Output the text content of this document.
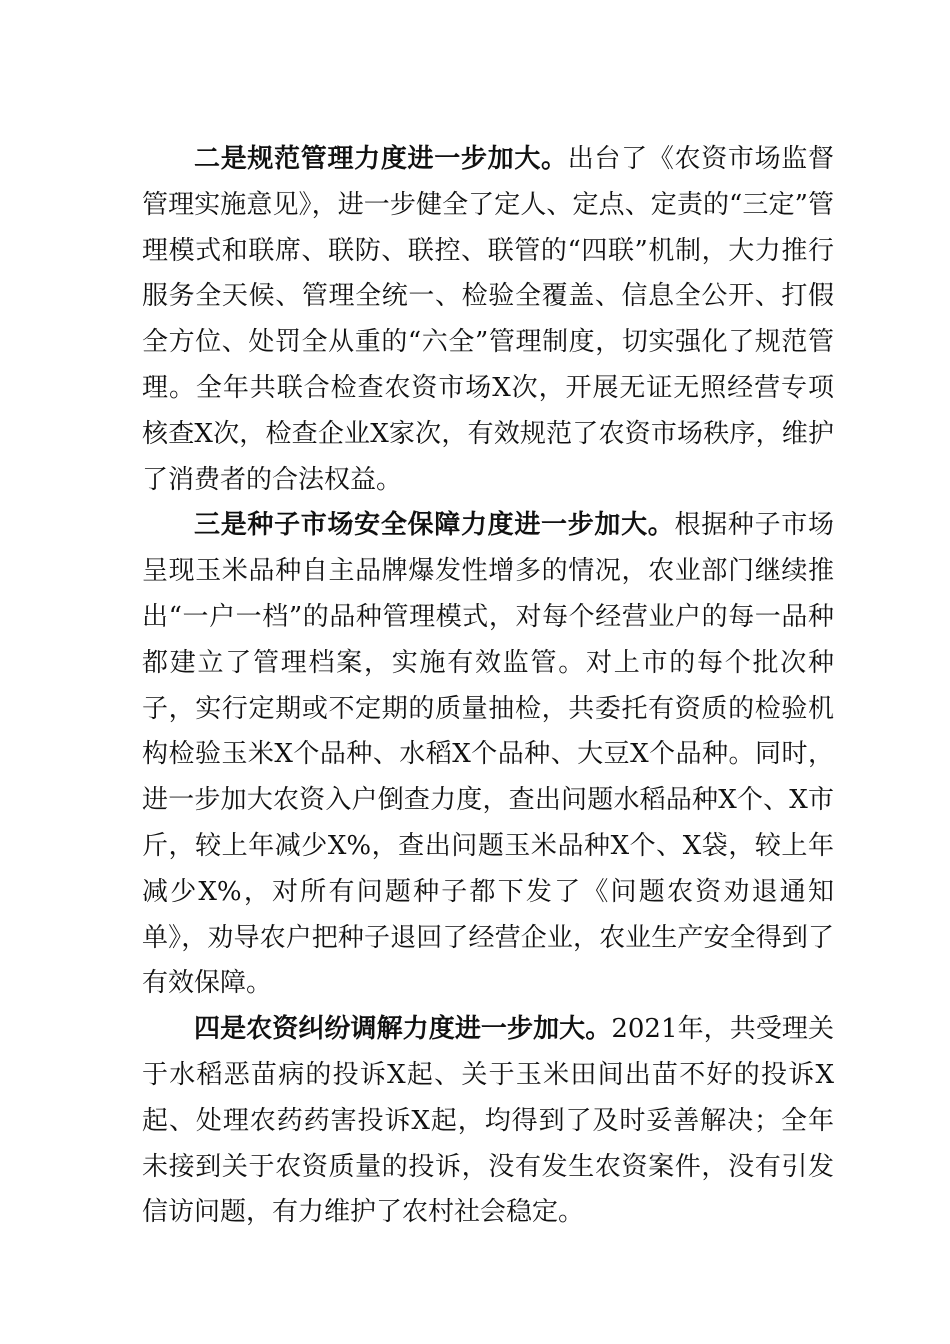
二是规范管理力度进一步加大。出台了《农资市场监督管理实施意见》，进一步健全了定人、定点、定责的“三定”管理模式和联席、联防、联控、联管的“四联”机制，大力推行服务全天候、管理全统一、检验全覆盖、信息全公开、打假全方位、处罚全从重的“六全”管理制度，切实强化了规范管理。全年共联合检查农资市场X次，开展无证无照经营专项核查X次，检查企业X家次，有效规范了农资市场秩序，维护了消费者的合法权益。

三是种子市场安全保障力度进一步加大。根据种子市场呈现玉米品种自主品牌爆发性增多的情况，农业部门继续推出“一户一档”的品种管理模式，对每个经营业户的每一品种都建立了管理档案，实施有效监管。对上市的每个批次种子，实行定期或不定期的质量抽检，共委托有资质的检验机构检验玉米X个品种、水稻X个品种、大豆X个品种。同时，进一步加大农资入户倒查力度，查出问题水稻品种X个、X市斤，较上年减少X%，查出问题玉米品种X个、X袋，较上年减少X%，对所有问题种子都下发了《问题农资劝退通知单》，劝导农户把种子退回了经营企业，农业生产安全得到了有效保障。

四是农资纠纷调解力度进一步加大。2021年，共受理关于水稻恶苗病的投诉X起、关于玉米田间出苗不好的投诉X起、处理农药药害投诉X起，均得到了及时妥善解决；全年未接到关于农资质量的投诉，没有发生农资案件，没有引发信访问题，有力维护了农村社会稳定。
